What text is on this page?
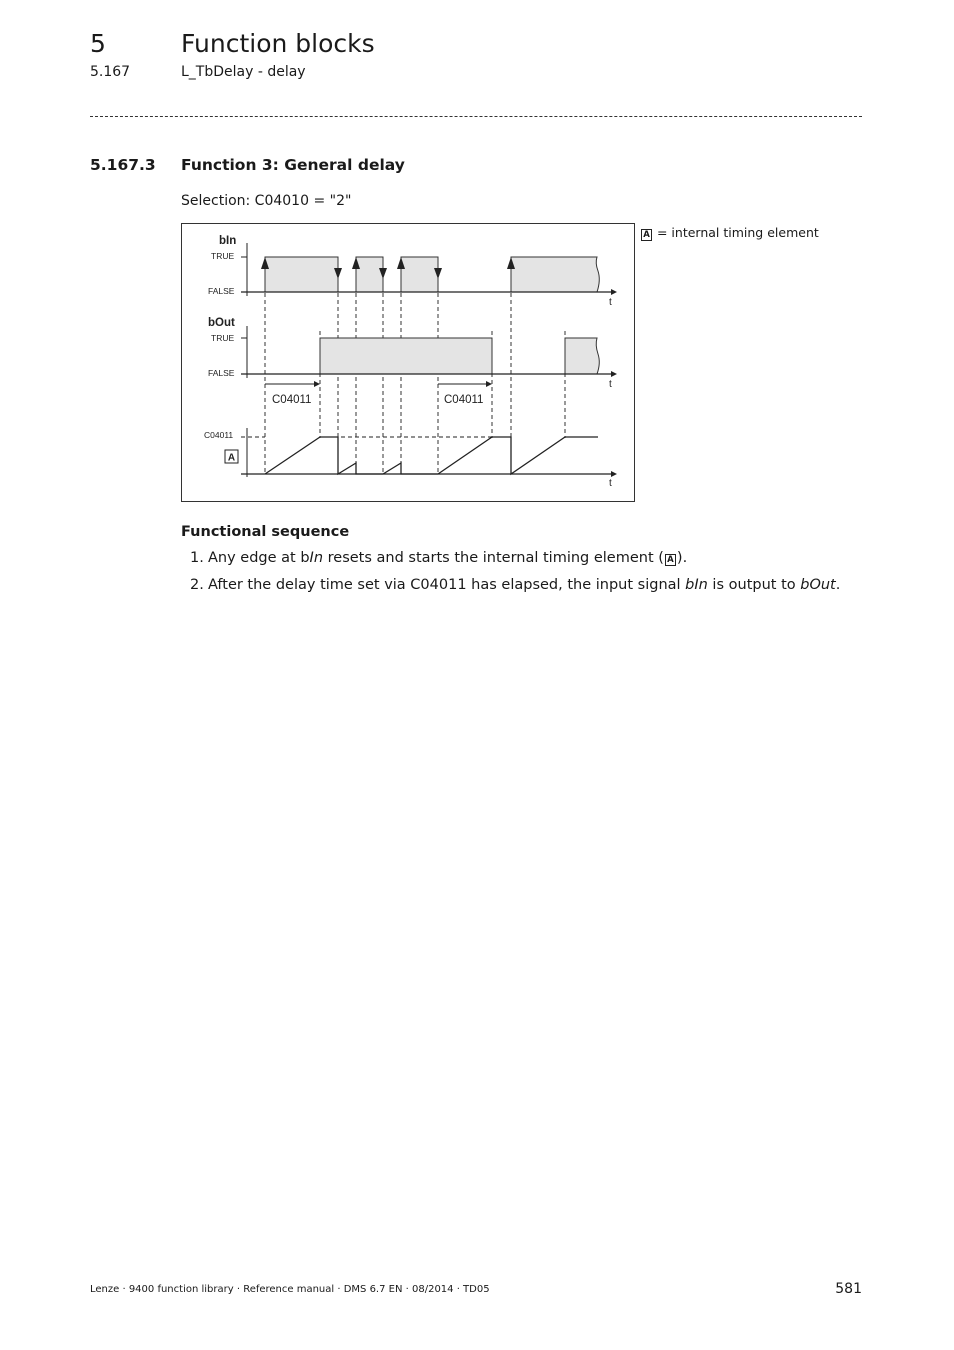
5	Function blocks
5.167	L_TbDelay - delay
5.167.3 Function 3: General delay
Selection: C04010 = "2"
bIn
TRUE
FALSE
t
bOut
TRUE
FALSE
t
C04011	C04011
C04011
A
t
A = internal timing element
Functional sequence
1. Any edge at bIn resets and starts the internal timing element ( A ).
2. After the delay time set via C04011 has elapsed, the input signal bIn is output to bOut.
Lenze · 9400 function library · Reference manual · DMS 6.7 EN · 08/2014 · TD05	581
